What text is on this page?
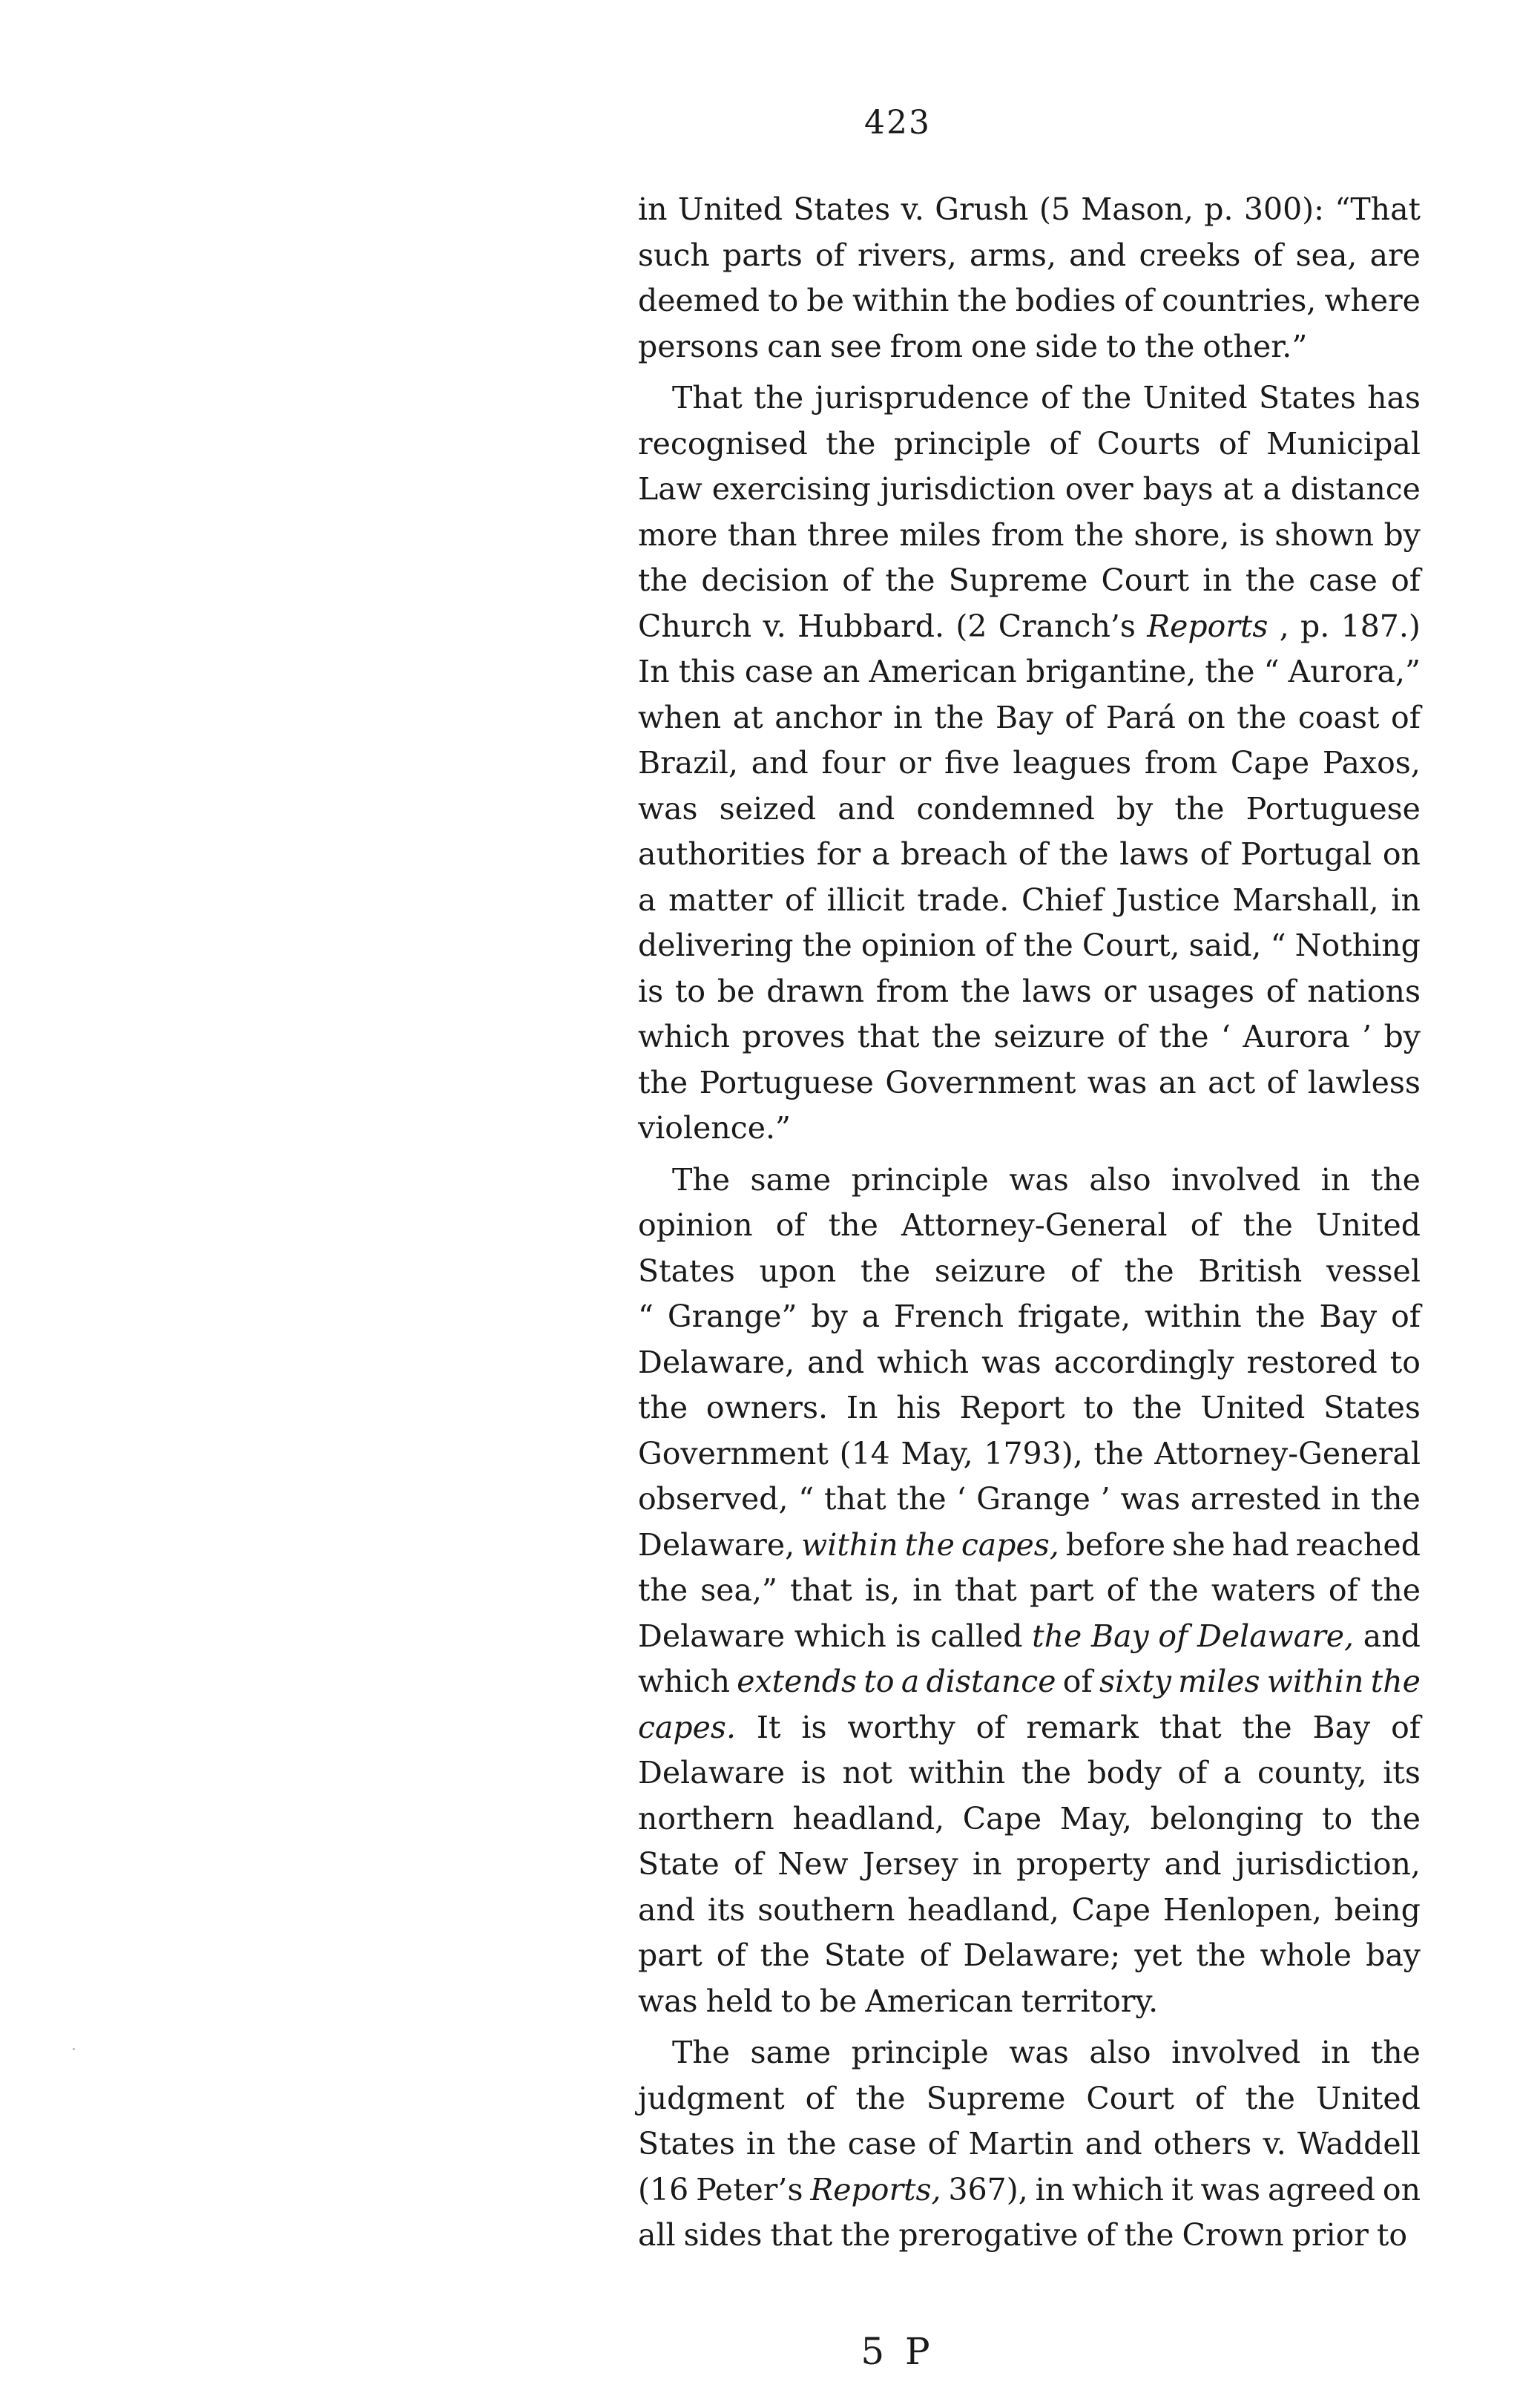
423
in United States v. Grush (5 Mason, p. 300): “That
such parts of rivers, arms, and creeks of sea, are
deemed to be within the bodies of countries, where
persons can see from one side to the other.”
That the jurisprudence of the United States has
recognised the principle of Courts of Municipal
Law exercising jurisdiction over bays at a distance
more than three miles from the shore, is shown by
the decision of the Supreme Court in the case of
Church v. Hubbard. (2 Cranch’s Reports , p. 187.)
In this case an American brigantine, the “ Aurora,”
when at anchor in the Bay of Pará on the coast of
Brazil, and four or five leagues from Cape Paxos,
was seized and condemned by the Portuguese
authorities for a breach of the laws of Portugal on
a matter of illicit trade. Chief Justice Marshall, in
delivering the opinion of the Court, said, “ Nothing
is to be drawn from the laws or usages of nations
which proves that the seizure of the ‘ Aurora ’ by
the Portuguese Government was an act of lawless
violence.”
The same principle was also involved in the
opinion of the Attorney-General of the United
States upon the seizure of the British vessel
“ Grange” by a French frigate, within the Bay of
Delaware, and which was accordingly restored to
the owners. In his Report to the United States
Government (14 May, 1793), the Attorney-General
observed, “ that the ‘ Grange ’ was arrested in the
Delaware, within the capes, before she had reached
the sea,” that is, in that part of the waters of the
Delaware which is called the Bay of Delaware, and
which extends to a distance of sixty miles within the
capes. It is worthy of remark that the Bay of
Delaware is not within the body of a county, its
northern headland, Cape May, belonging to the
State of New Jersey in property and jurisdiction,
and its southern headland, Cape Henlopen, being
part of the State of Delaware; yet the whole bay
was held to be American territory.
The same principle was also involved in the
judgment of the Supreme Court of the United
States in the case of Martin and others v. Waddell
(16 Peter’s Reports, 367), in which it was agreed on
all sides that the prerogative of the Crown prior to
5 P
